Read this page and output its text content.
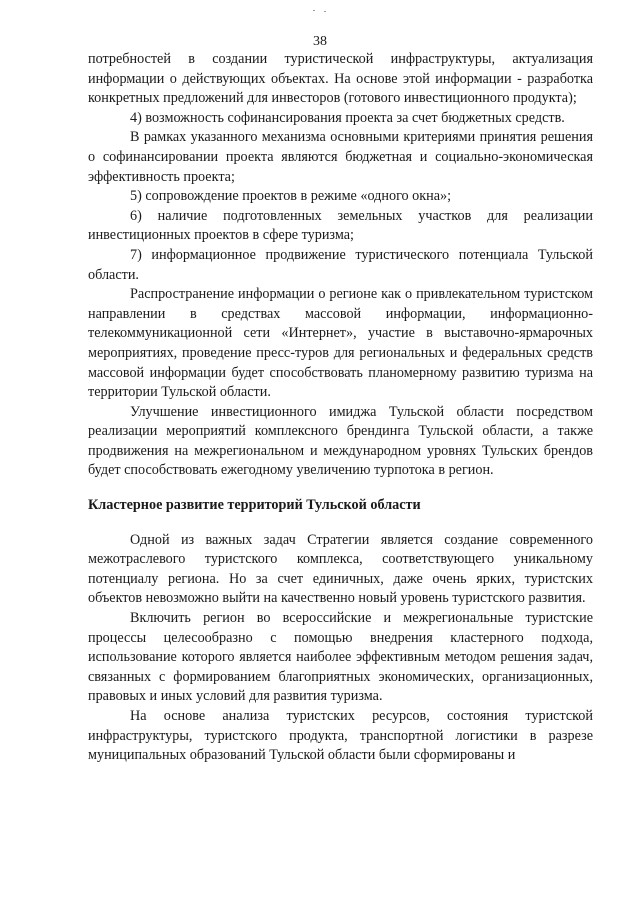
38

потребностей в создании туристической инфраструктуры, актуализация информации о действующих объектах. На основе этой информации - разработка конкретных предложений для инвесторов (готового инвестиционного продукта);

4) возможность софинансирования проекта за счет бюджетных средств.

В рамках указанного механизма основными критериями принятия решения о софинансировании проекта являются бюджетная и социально-экономическая эффективность проекта;

5) сопровождение проектов в режиме «одного окна»;

6) наличие подготовленных земельных участков для реализации инвестиционных проектов в сфере туризма;

7) информационное продвижение туристического потенциала Тульской области.

Распространение информации о регионе как о привлекательном туристском направлении в средствах массовой информации, информационно-телекоммуникационной сети «Интернет», участие в выставочно-ярмарочных мероприятиях, проведение пресс-туров для региональных и федеральных средств массовой информации будет способствовать планомерному развитию туризма на территории Тульской области.

Улучшение инвестиционного имиджа Тульской области посредством реализации мероприятий комплексного брендинга Тульской области, а также продвижения на межрегиональном и международном уровнях Тульских брендов будет способствовать ежегодному увеличению турпотока в регион.

Кластерное развитие территорий Тульской области

Одной из важных задач Стратегии является создание современного межотраслевого туристского комплекса, соответствующего уникальному потенциалу региона. Но за счет единичных, даже очень ярких, туристских объектов невозможно выйти на качественно новый уровень туристского развития.

Включить регион во всероссийские и межрегиональные туристские процессы целесообразно с помощью внедрения кластерного подхода, использование которого является наиболее эффективным методом решения задач, связанных с формированием благоприятных экономических, организационных, правовых и иных условий для развития туризма.

На основе анализа туристских ресурсов, состояния туристской инфраструктуры, туристского продукта, транспортной логистики в разрезе муниципальных образований Тульской области были сформированы и
